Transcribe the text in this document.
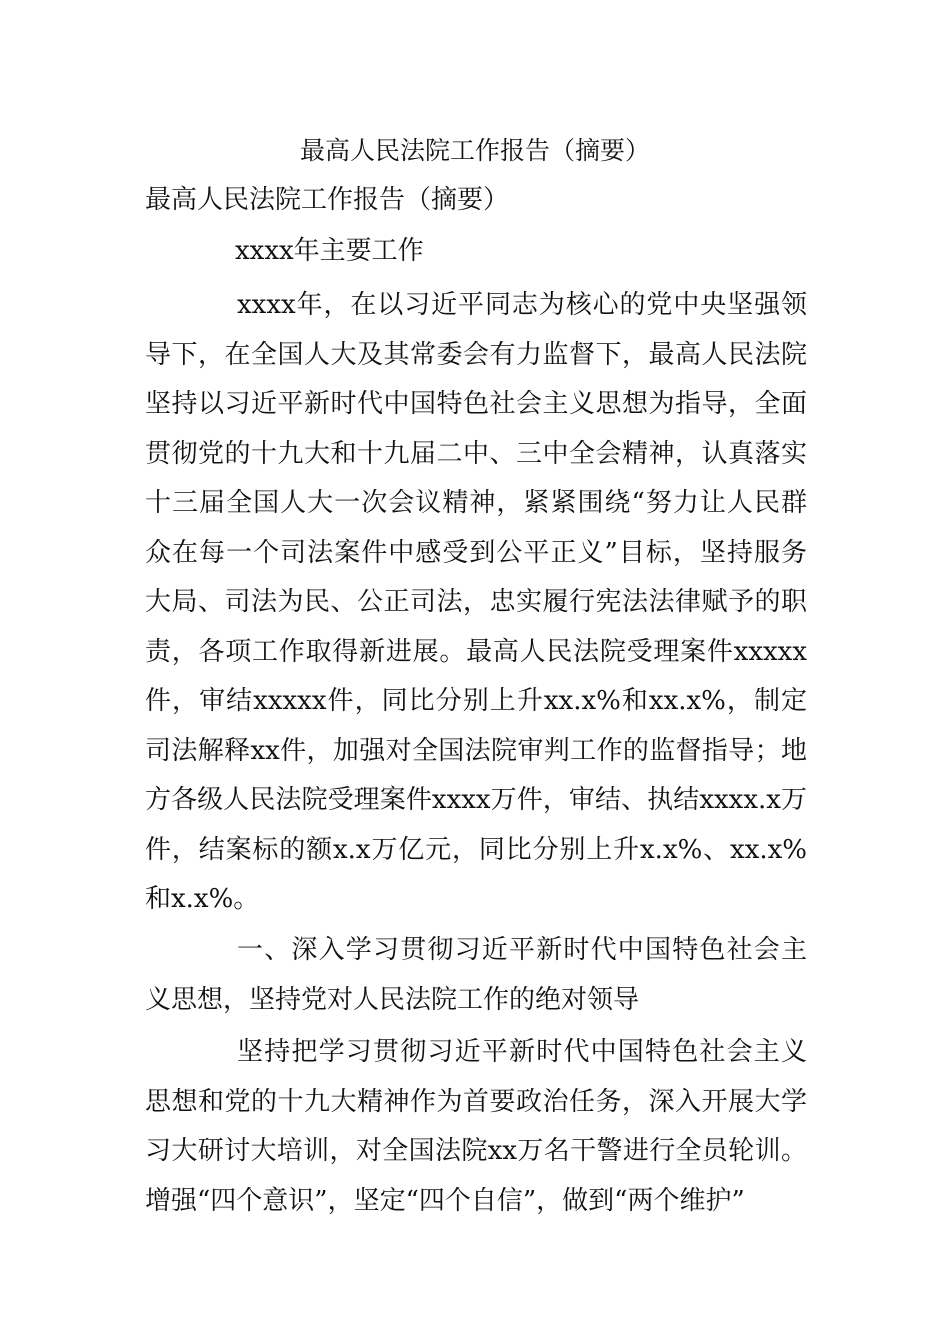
最高人民法院工作报告（摘要）

最高人民法院工作报告（摘要）

xxxx年主要工作

xxxx年，在以习近平同志为核心的党中央坚强领导下，在全国人大及其常委会有力监督下，最高人民法院坚持以习近平新时代中国特色社会主义思想为指导，全面贯彻党的十九大和十九届二中、三中全会精神，认真落实十三届全国人大一次会议精神，紧紧围绕“努力让人民群众在每一个司法案件中感受到公平正义”目标，坚持服务大局、司法为民、公正司法，忠实履行宪法法律赋予的职责，各项工作取得新进展。最高人民法院受理案件xxxxx件，审结xxxxx件，同比分别上升xx.x%和xx.x%，制定司法解释xx件，加强对全国法院审判工作的监督指导；地方各级人民法院受理案件xxxx万件，审结、执结xxxx.x万件，结案标的额x.x万亿元，同比分别上升x.x%、xx.x%和x.x%。

一、深入学习贯彻习近平新时代中国特色社会主义思想，坚持党对人民法院工作的绝对领导

坚持把学习贯彻习近平新时代中国特色社会主义思想和党的十九大精神作为首要政治任务，深入开展大学习大研讨大培训，对全国法院xx万名干警进行全员轮训。增强“四个意识”，坚定“四个自信”，做到“两个维护”
